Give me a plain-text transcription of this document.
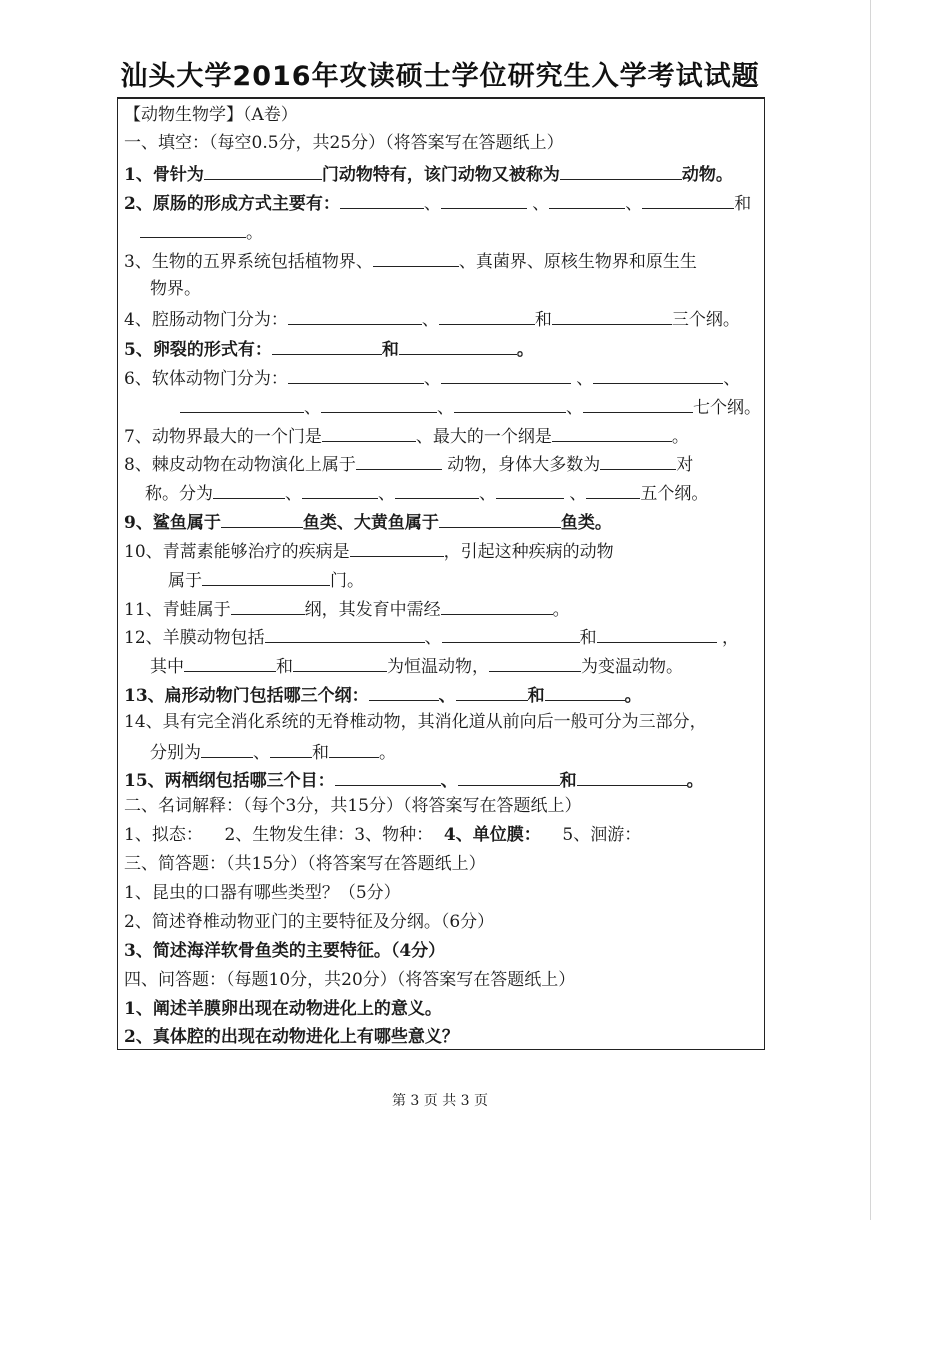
汕头大学2016年攻读硕士学位研究生入学考试试题
【动物生物学】（A卷）
一、填空：（每空0.5分，共25分）（将答案写在答题纸上）
1、骨针为	门动物特有，该门动物又被称为	动物。
2、原肠的形成方式主要有：	、	、	、	和
。
3、生物的五界系统包括植物界、	、真菌界、原核生物界和原生生
物界。
4、腔肠动物门分为：	、	和	三个纲。
5、卵裂的形式有：	和	。
6、软体动物门分为：	、	、	、
、	、	、	七个纲。
7、动物界最大的一个门是	、最大的一个纲是	。
8、棘皮动物在动物演化上属于	动物，身体大多数为	对
称。分为	、	、	、	、	五个纲。
9、鲨鱼属于	鱼类、大黄鱼属于	鱼类。
10、青蒿素能够治疗的疾病是	，引起这种疾病的动物
属于	门。
11、青蛙属于	纲，其发育中需经	。
12、羊膜动物包括	、	和	，
其中	和	为恒温动物，	为变温动物。
13、扁形动物门包括哪三个纲：	、	和	。
14、具有完全消化系统的无脊椎动物，其消化道从前向后一般可分为三部分，
分别为	、 和	。
15、两栖纲包括哪三个目：	、	和	。
二、名词解释：（每个3分，共15分）（将答案写在答题纸上）
1、拟态： 2、生物发生律：3、物种： 4、单位膜： 5、洄游：
三、简答题：（共15分）（将答案写在答题纸上）
1、昆虫的口器有哪些类型？（5分）
2、简述脊椎动物亚门的主要特征及分纲。（6分）
3、简述海洋软骨鱼类的主要特征。（4分）
四、问答题：（每题10分，共20分）（将答案写在答题纸上）
1、阐述羊膜卵出现在动物进化上的意义。
2、真体腔的出现在动物进化上有哪些意义？
第 3 页 共 3 页
